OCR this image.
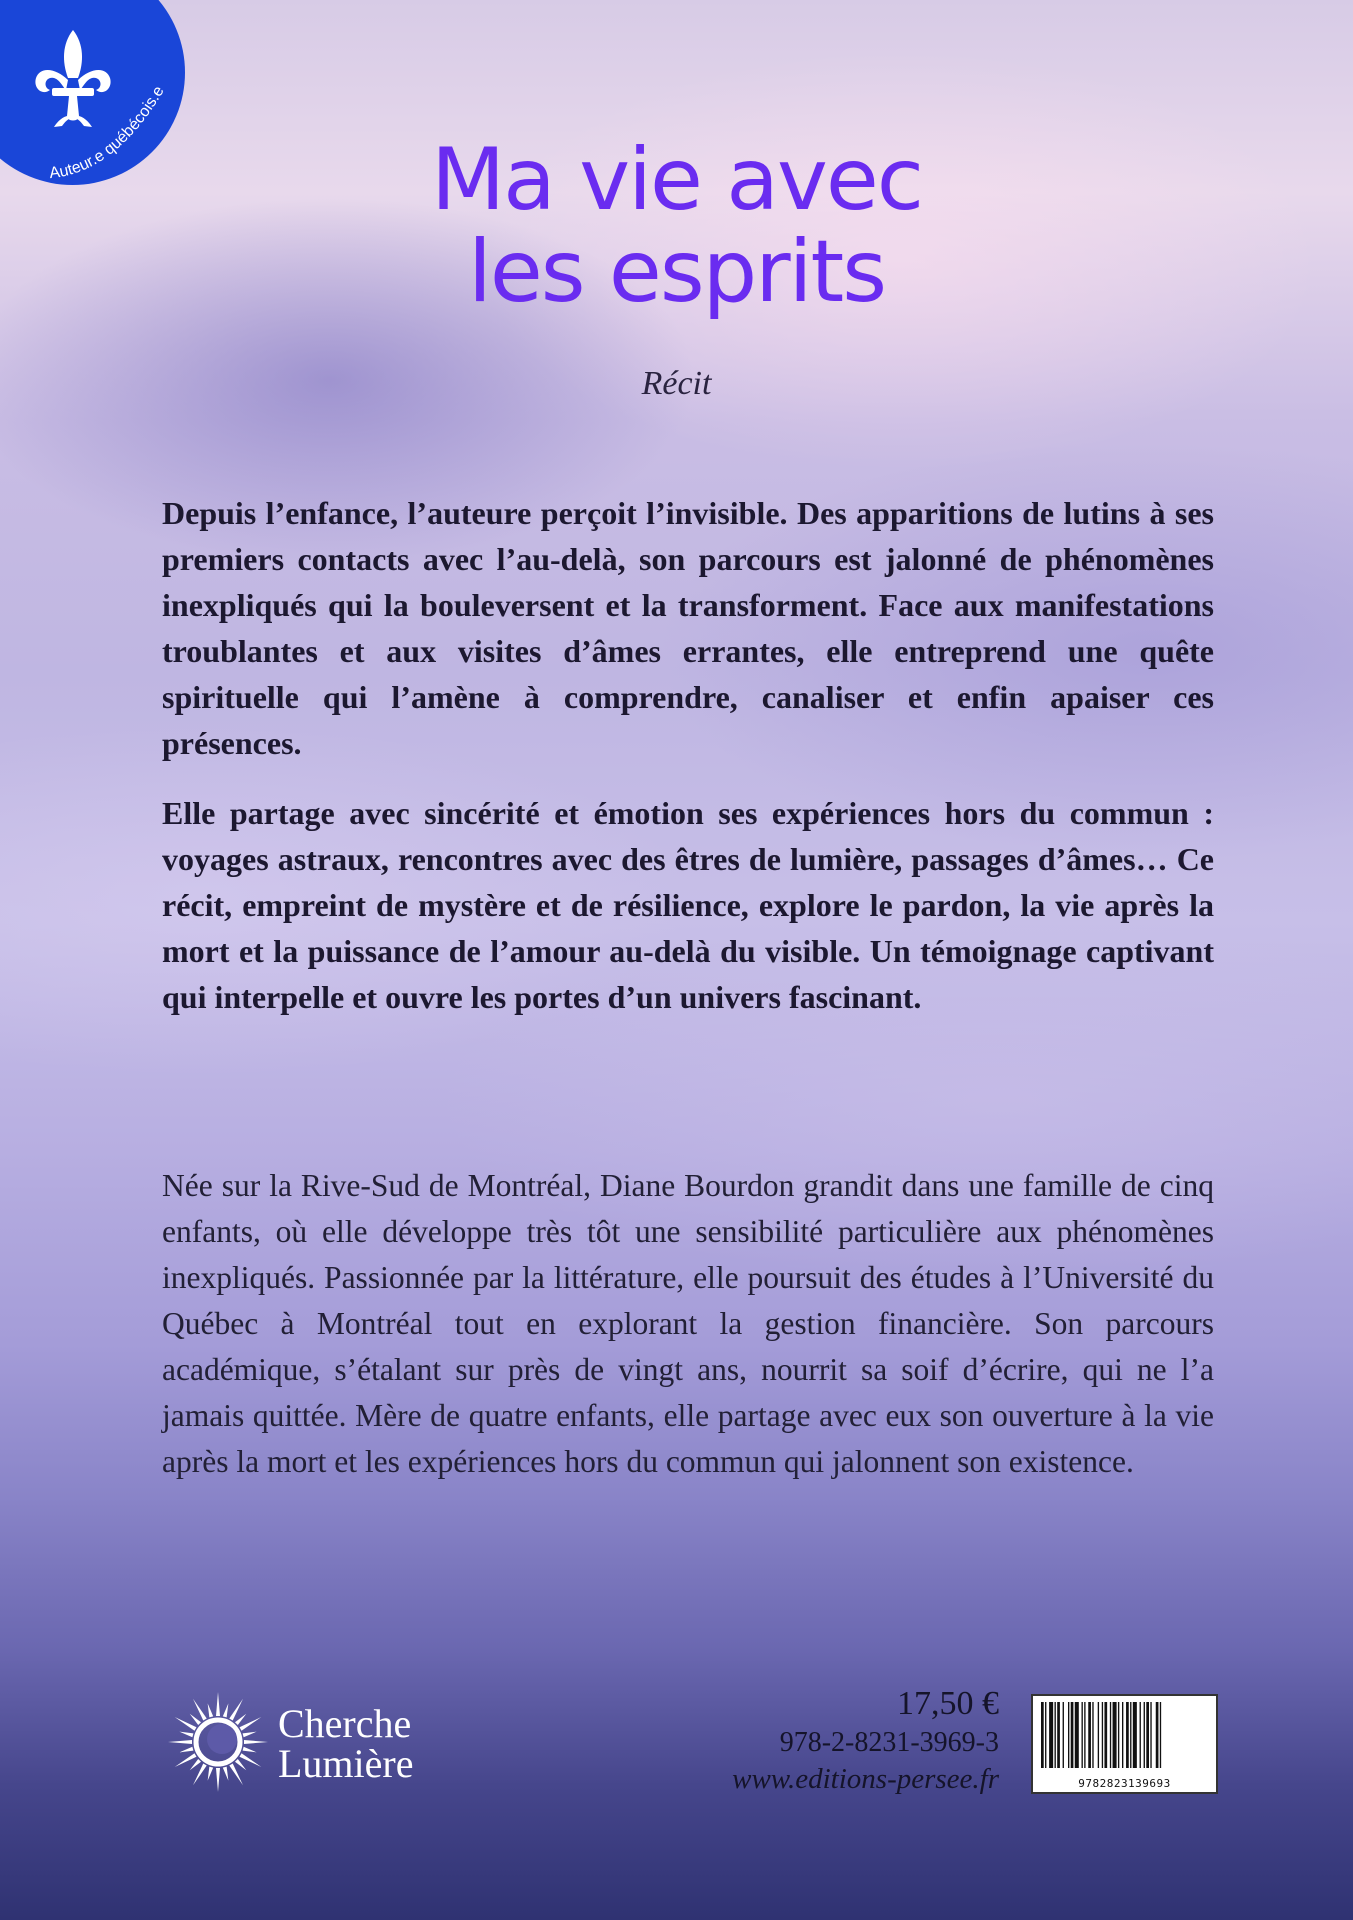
Auteur.e québécois.e
Ma vie avec
les esprits
Récit

Depuis l’enfance, l’auteure perçoit l’invisible. Des apparitions de lutins à ses premiers contacts avec l’au-delà, son parcours est jalonné de phénomènes inexpliqués qui la bouleversent et la transforment. Face aux manifestations troublantes et aux visites d’âmes errantes, elle entreprend une quête spirituelle qui l’amène à comprendre, canaliser et enfin apaiser ces présences.

Elle partage avec sincérité et émotion ses expériences hors du commun : voyages astraux, rencontres avec des êtres de lumière, passages d’âmes… Ce récit, empreint de mystère et de résilience, explore le pardon, la vie après la mort et la puissance de l’amour au-delà du visible. Un témoignage captivant qui interpelle et ouvre les portes d’un univers fascinant.

Née sur la Rive-Sud de Montréal, Diane Bourdon grandit dans une famille de cinq enfants, où elle développe très tôt une sensibilité particulière aux phénomènes inexpliqués. Passionnée par la littérature, elle poursuit des études à l’Université du Québec à Montréal tout en explorant la gestion financière. Son parcours académique, s’étalant sur près de vingt ans, nourrit sa soif d’écrire, qui ne l’a jamais quittée. Mère de quatre enfants, elle partage avec eux son ouverture à la vie après la mort et les expériences hors du commun qui jalonnent son existence.

Cherche
Lumière

17,50 €

978-2-8231-3969-3

www.editions-persee.fr	9782823139693
